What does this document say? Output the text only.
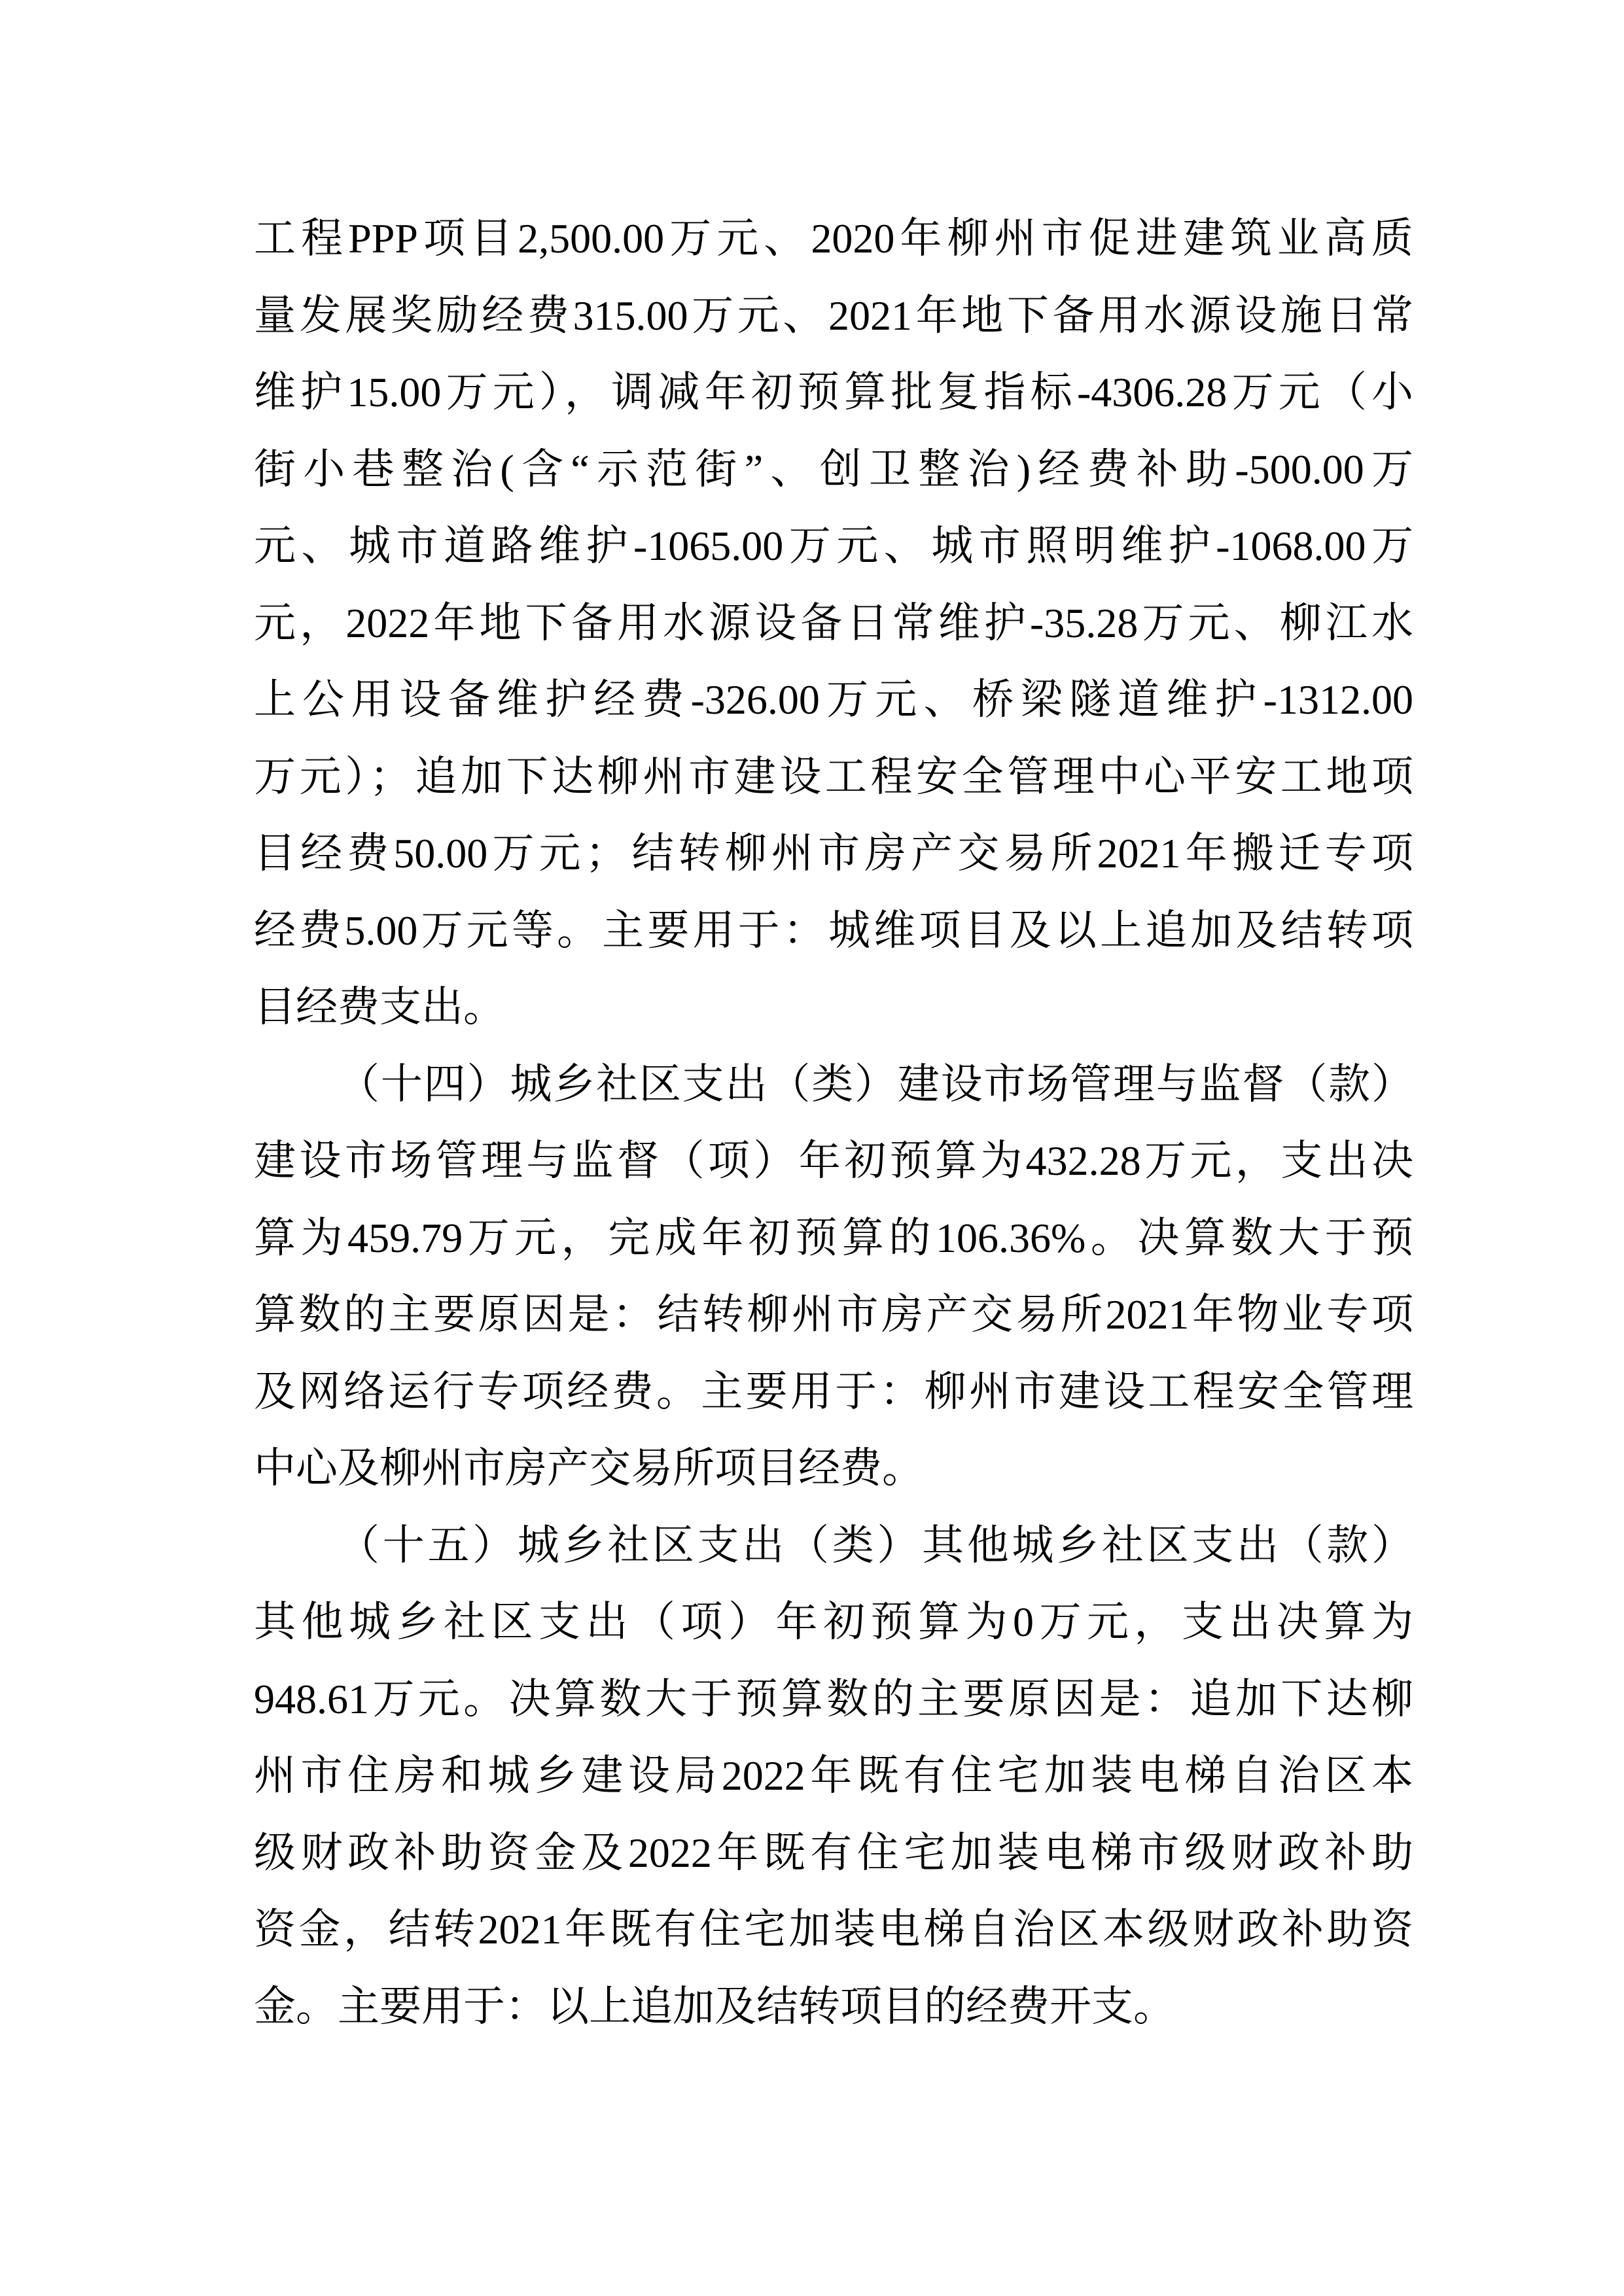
工程PPP项目2,500.00万元、2020年柳州市促进建筑业高质
量发展奖励经费315.00万元、2021年地下备用水源设施日常
维护15.00万元），调减年初预算批复指标-4306.28万元（小
街小巷整治(含“示范街”、创卫整治)经费补助-500.00万
元、城市道路维护-1065.00万元、城市照明维护-1068.00万
元，2022年地下备用水源设备日常维护-35.28万元、柳江水
上公用设备维护经费-326.00万元、桥梁隧道维护-1312.00
万元）；追加下达柳州市建设工程安全管理中心平安工地项
目经费50.00万元；结转柳州市房产交易所2021年搬迁专项
经费5.00万元等。主要用于：城维项目及以上追加及结转项
目经费支出。
（十四）城乡社区支出（类）建设市场管理与监督（款）
建设市场管理与监督（项）年初预算为432.28万元，支出决
算为459.79万元，完成年初预算的106.36%。决算数大于预
算数的主要原因是：结转柳州市房产交易所2021年物业专项
及网络运行专项经费。主要用于：柳州市建设工程安全管理
中心及柳州市房产交易所项目经费。
（十五）城乡社区支出（类）其他城乡社区支出（款）
其他城乡社区支出（项）年初预算为0万元，支出决算为
948.61万元。决算数大于预算数的主要原因是：追加下达柳
州市住房和城乡建设局2022年既有住宅加装电梯自治区本
级财政补助资金及2022年既有住宅加装电梯市级财政补助
资金，结转2021年既有住宅加装电梯自治区本级财政补助资
金。主要用于：以上追加及结转项目的经费开支。
